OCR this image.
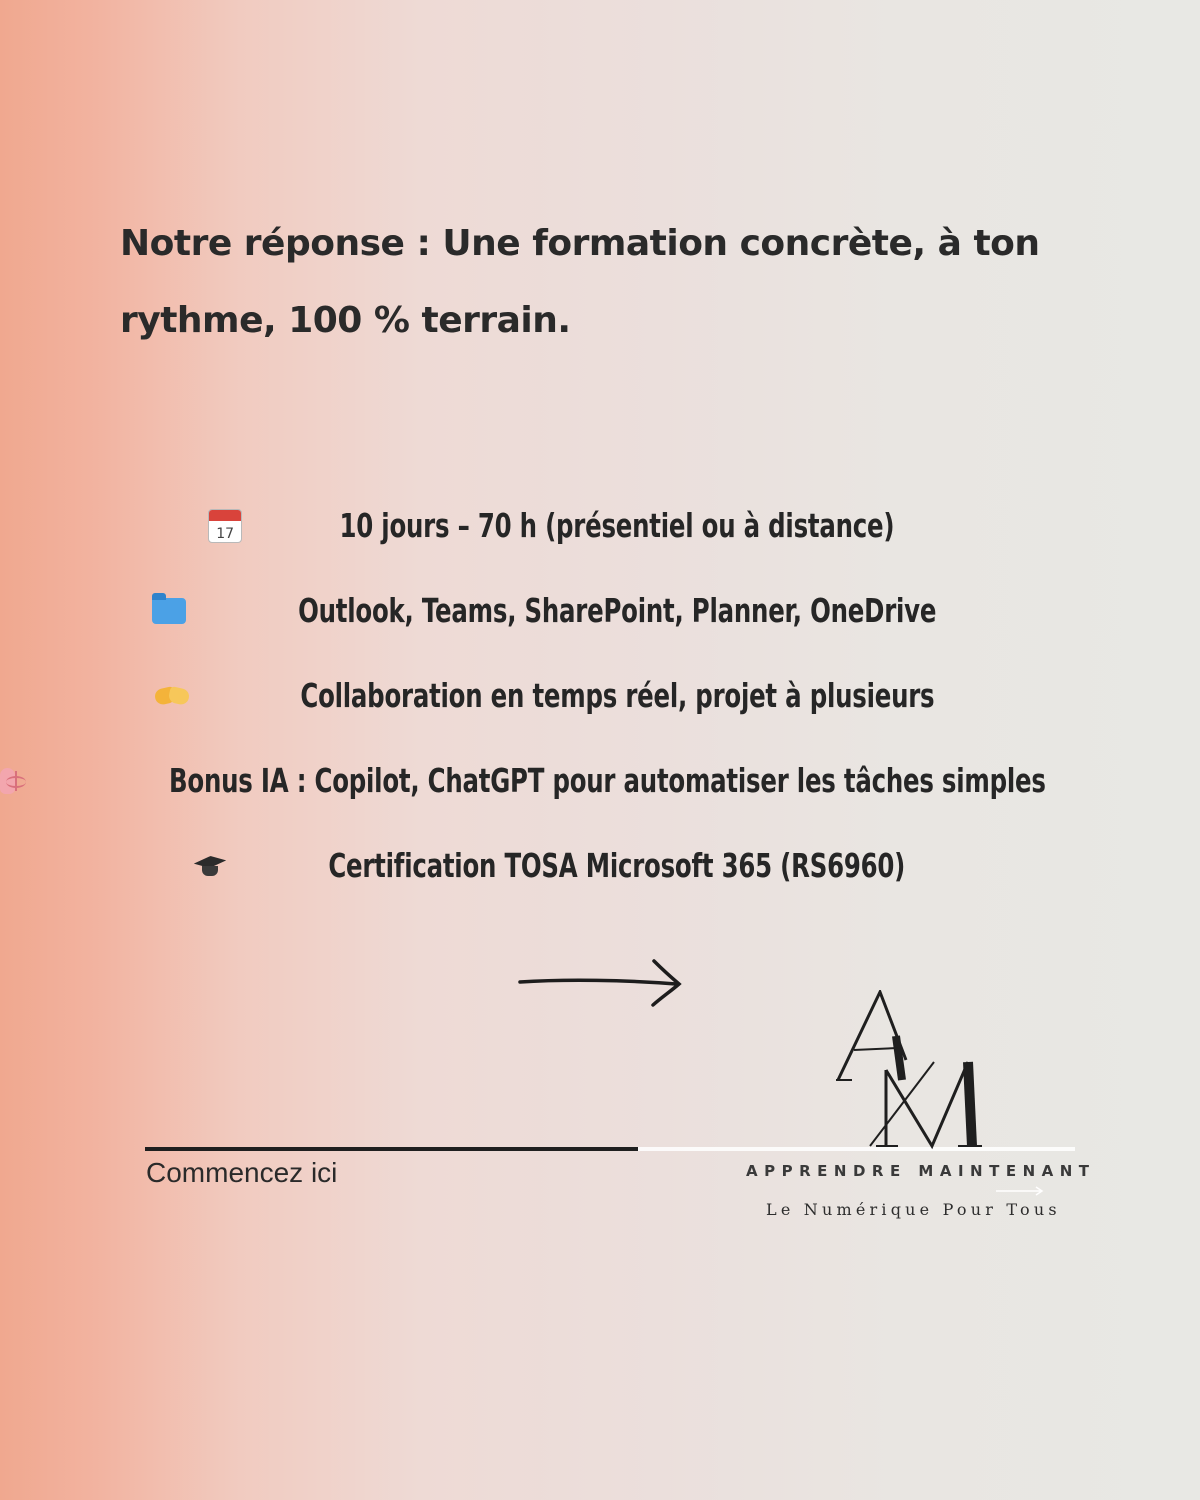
Notre réponse : Une formation concrète, à ton rythme, 100 % terrain.
17
10 jours – 70 h (présentiel ou à distance)
Outlook, Teams, SharePoint, Planner, OneDrive
Collaboration en temps réel, projet à plusieurs
Bonus IA : Copilot, ChatGPT pour automatiser les tâches simples
Certification TOSA Microsoft 365 (RS6960)

Commencez ici	APPRENDRE MAINTENANT

Le Numérique Pour Tous
